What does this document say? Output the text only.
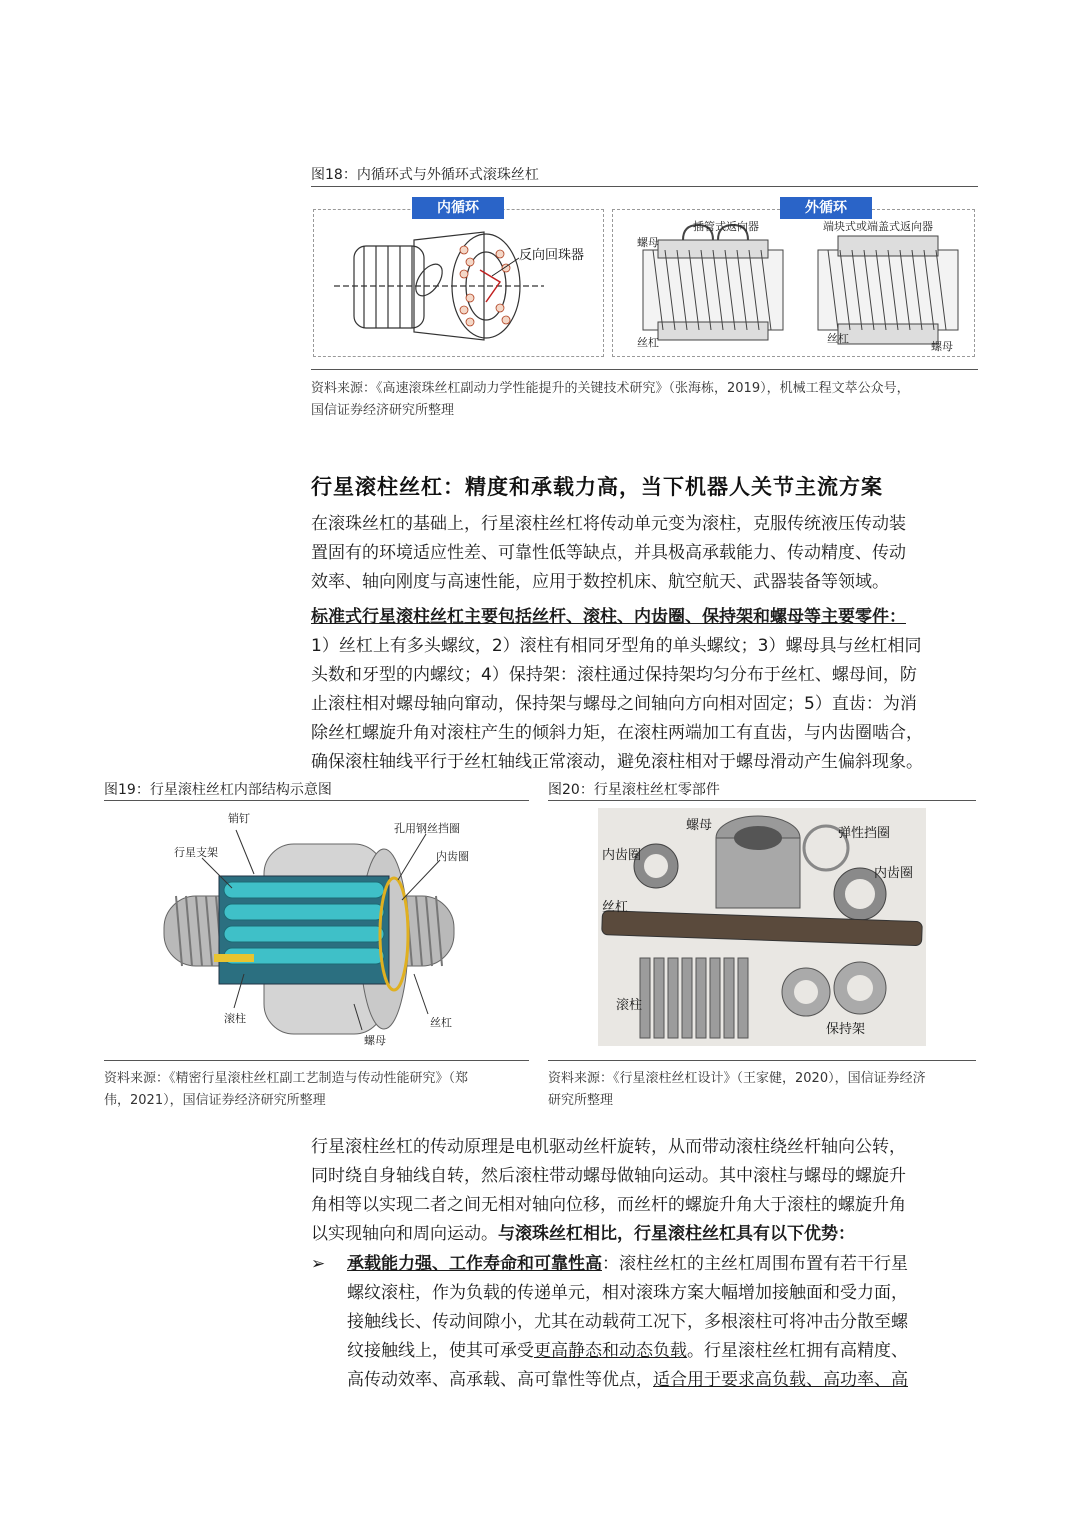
图18：内循环式与外循环式滚珠丝杠
反向回珠器
内循环
螺母
插管式返向器
丝杠
端块式或端盖式返向器
丝杠
螺母
外循环
资料来源：《高速滚珠丝杠副动力学性能提升的关键技术研究》（张海栋，2019），机械工程文萃公众号，
国信证券经济研究所整理
行星滚柱丝杠：精度和承载力高，当下机器人关节主流方案
在滚珠丝杠的基础上，行星滚柱丝杠将传动单元变为滚柱，克服传统液压传动装
置固有的环境适应性差、可靠性低等缺点，并具极高承载能力、传动精度、传动
效率、轴向刚度与高速性能，应用于数控机床、航空航天、武器装备等领域。
标准式行星滚柱丝杠主要包括丝杆、滚柱、内齿圈、保持架和螺母等主要零件：
1）丝杠上有多头螺纹，2）滚柱有相同牙型角的单头螺纹；3）螺母具与丝杠相同
头数和牙型的内螺纹；4）保持架：滚柱通过保持架均匀分布于丝杠、螺母间，防
止滚柱相对螺母轴向窜动，保持架与螺母之间轴向方向相对固定；5）直齿：为消
除丝杠螺旋升角对滚柱产生的倾斜力矩，在滚柱两端加工有直齿，与内齿圈啮合，
确保滚柱轴线平行于丝杠轴线正常滚动，避免滚柱相对于螺母滑动产生偏斜现象。
图19：行星滚柱丝杠内部结构示意图
销钉
行星支架
孔用钢丝挡圈
内齿圈
滚柱	丝杠
螺母
资料来源：《精密行星滚柱丝杠副工艺制造与传动性能研究》（郑
伟，2021），国信证券经济研究所整理
图20：行星滚柱丝杠零部件
螺母
弹性挡圈
内齿圈
内齿圈
丝杠
滚柱
保持架
资料来源：《行星滚柱丝杠设计》（王家健，2020），国信证券经济
研究所整理
行星滚柱丝杠的传动原理是电机驱动丝杆旋转，从而带动滚柱绕丝杆轴向公转，
同时绕自身轴线自转，然后滚柱带动螺母做轴向运动。其中滚柱与螺母的螺旋升
角相等以实现二者之间无相对轴向位移，而丝杆的螺旋升角大于滚柱的螺旋升角
以实现轴向和周向运动。与滚珠丝杠相比，行星滚柱丝杠具有以下优势：
➢ 承载能力强、工作寿命和可靠性高：滚柱丝杠的主丝杠周围布置有若干行星
螺纹滚柱，作为负载的传递单元，相对滚珠方案大幅增加接触面和受力面，
接触线长、传动间隙小，尤其在动载荷工况下，多根滚柱可将冲击分散至螺
纹接触线上，使其可承受更高静态和动态负载。行星滚柱丝杠拥有高精度、
高传动效率、高承载、高可靠性等优点，适合用于要求高负载、高功率、高
